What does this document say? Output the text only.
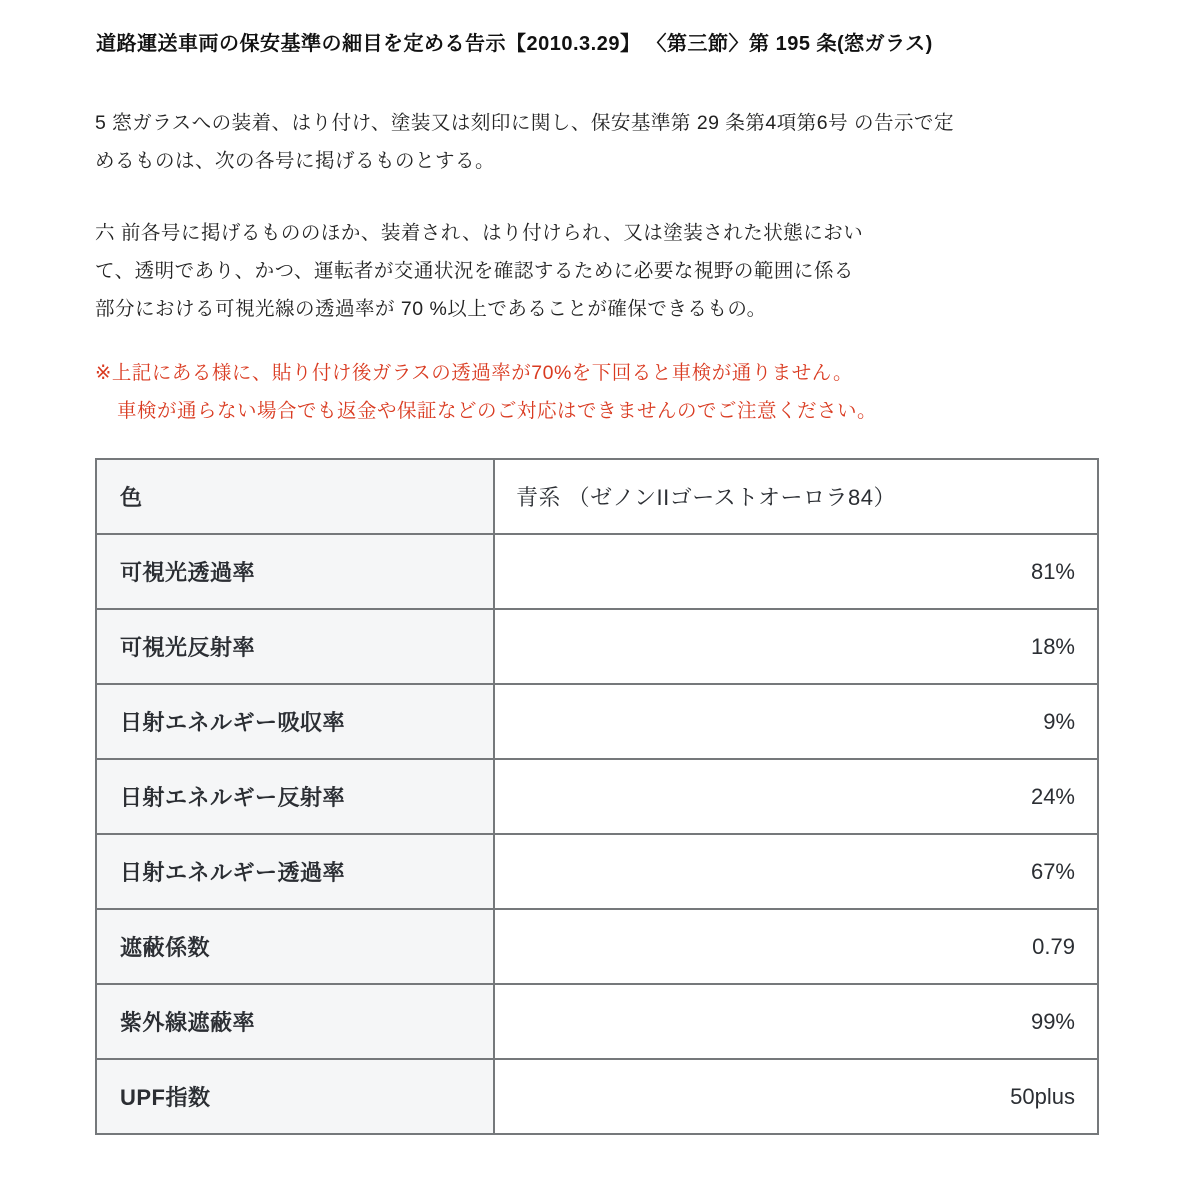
道路運送車両の保安基準の細目を定める告示【2010.3.29】 〈第三節〉第 195 条(窓ガラス)
5 窓ガラスへの装着、はり付け、塗装又は刻印に関し、保安基準第 29 条第4項第6号 の告示で定
めるものは、次の各号に掲げるものとする。
六 前各号に掲げるもののほか、装着され、はり付けられ、又は塗装された状態におい
て、透明であり、かつ、運転者が交通状況を確認するために必要な視野の範囲に係る
部分における可視光線の透過率が 70 %以上であることが確保できるもの。
※上記にある様に、貼り付け後ガラスの透過率が70%を下回ると車検が通りません。
車検が通らない場合でも返金や保証などのご対応はできませんのでご注意ください。
色	青系 （ゼノンIIゴーストオーロラ84）
可視光透過率	81%
可視光反射率	18%
日射エネルギー吸収率	9%
日射エネルギー反射率	24%
日射エネルギー透過率	67%
遮蔽係数	0.79
紫外線遮蔽率	99%
UPF指数	50plus
